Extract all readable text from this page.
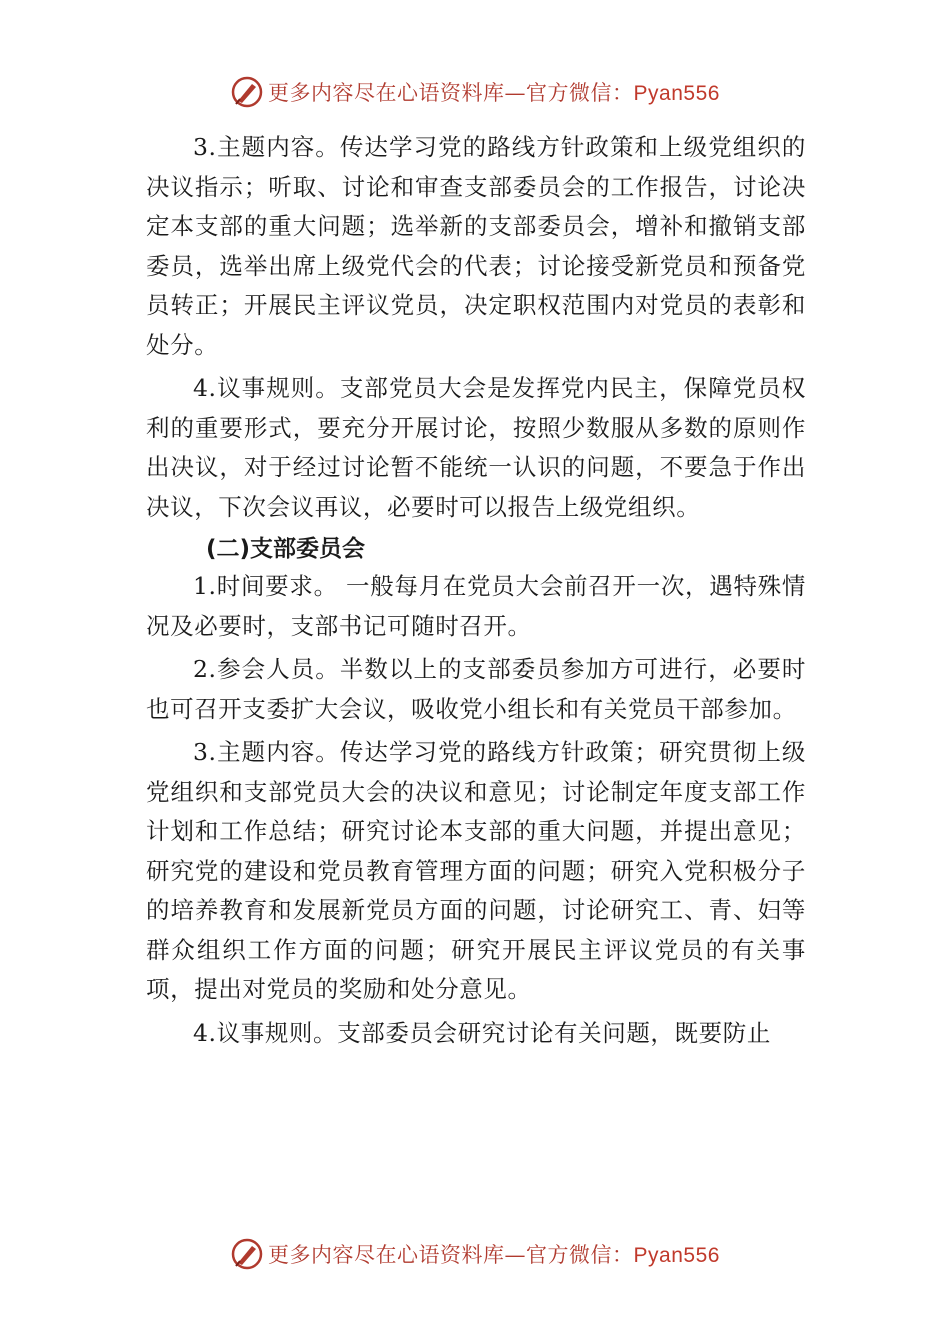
更多内容尽在心语资料库—官方微信：Pyan556

3.主题内容。传达学习党的路线方针政策和上级党组织的决议指示；听取、讨论和审查支部委员会的工作报告，讨论决定本支部的重大问题；选举新的支部委员会，增补和撤销支部委员，选举出席上级党代会的代表；讨论接受新党员和预备党员转正；开展民主评议党员，决定职权范围内对党员的表彰和处分。

4.议事规则。支部党员大会是发挥党内民主，保障党员权利的重要形式，要充分开展讨论，按照少数服从多数的原则作出决议，对于经过讨论暂不能统一认识的问题，不要急于作出决议，下次会议再议，必要时可以报告上级党组织。

(二)支部委员会

1.时间要求。 一般每月在党员大会前召开一次，遇特殊情况及必要时，支部书记可随时召开。

2.参会人员。半数以上的支部委员参加方可进行，必要时也可召开支委扩大会议，吸收党小组长和有关党员干部参加。

3.主题内容。传达学习党的路线方针政策；研究贯彻上级党组织和支部党员大会的决议和意见；讨论制定年度支部工作计划和工作总结；研究讨论本支部的重大问题，并提出意见；研究党的建设和党员教育管理方面的问题；研究入党积极分子的培养教育和发展新党员方面的问题，讨论研究工、青、妇等群众组织工作方面的问题；研究开展民主评议党员的有关事项，提出对党员的奖励和处分意见。

4.议事规则。支部委员会研究讨论有关问题，既要防止

更多内容尽在心语资料库—官方微信：Pyan556
